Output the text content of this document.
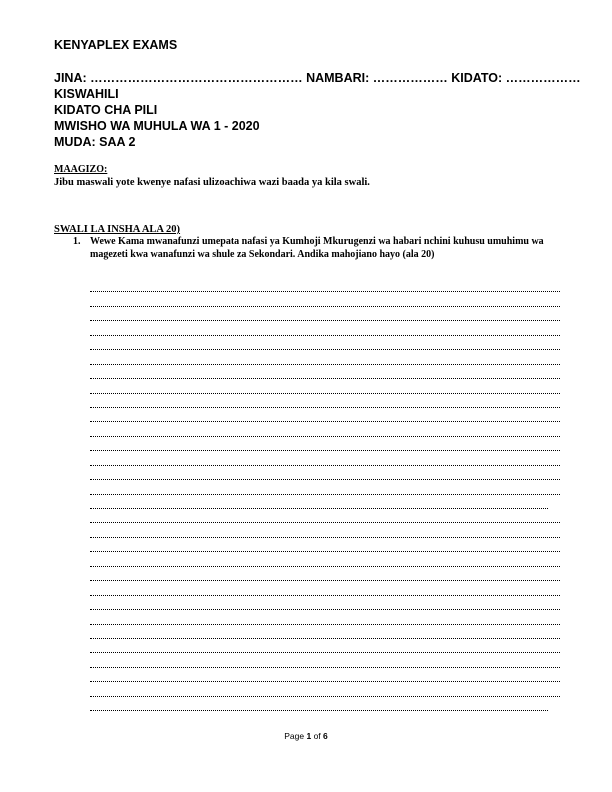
KENYAPLEX EXAMS
JINA: …………………………………………… NAMBARI: ……………… KIDATO: ………………
KISWAHILI
KIDATO CHA PILI
MWISHO WA MUHULA WA 1 - 2020
MUDA: SAA 2
MAAGIZO:
Jibu maswali yote kwenye nafasi ulizoachiwa wazi baada ya kila swali.
SWALI LA INSHA ALA 20)
1. Wewe Kama mwanafunzi umepata nafasi ya Kumhoji Mkurugenzi wa habari nchini kuhusu umuhimu wa magezeti kwa wanafunzi wa shule za Sekondari. Andika mahojiano hayo (ala 20)
Page 1 of 6
